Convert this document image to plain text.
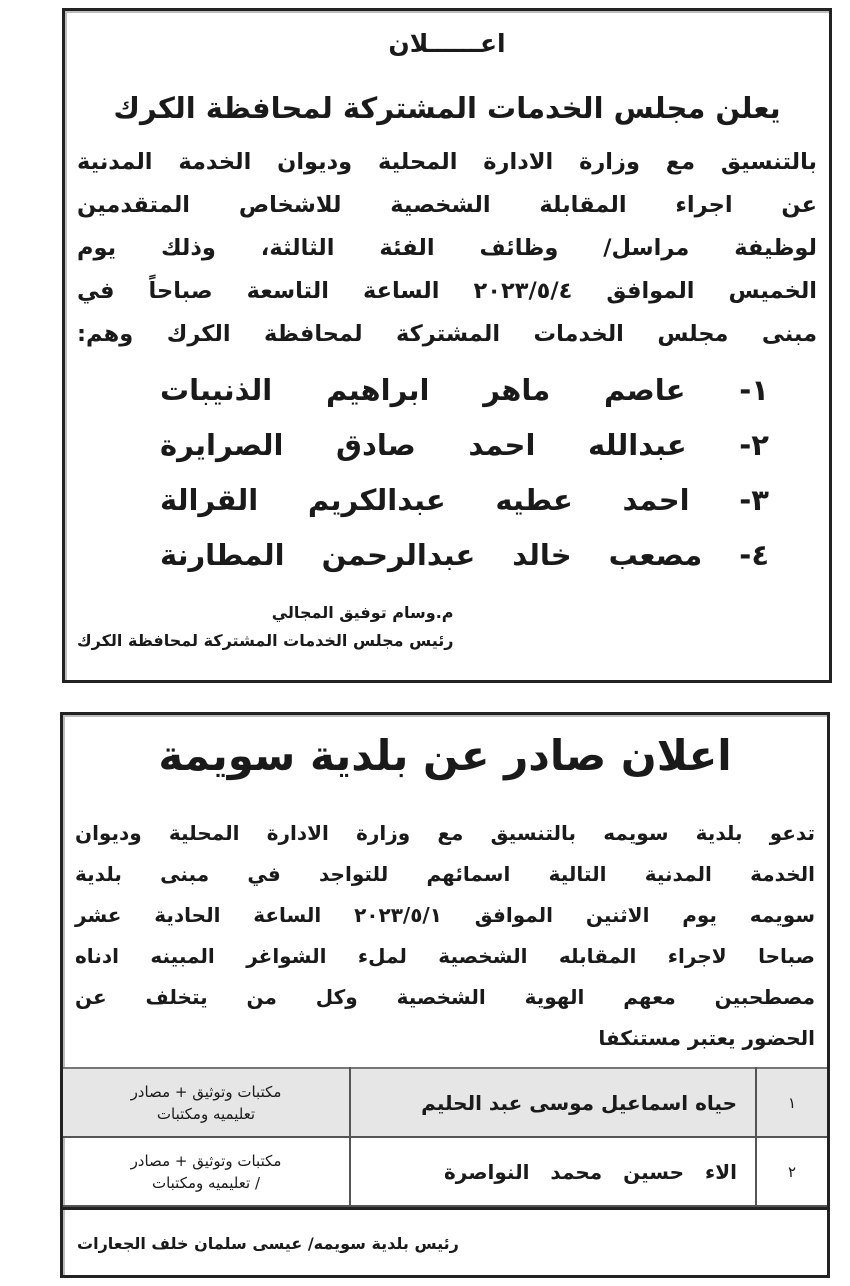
اعــــــلان
يعلن مجلس الخدمات المشتركة لمحافظة الكرك
بالتنسيق مع وزارة الادارة المحلية وديوان الخدمة المدنية
عن اجراء المقابلة الشخصية للاشخاص المتقدمين
لوظيفة مراسل/ وظائف الفئة الثالثة، وذلك يوم
الخميس الموافق ٢٠٢٣/٥/٤ الساعة التاسعة صباحاً في
مبنى مجلس الخدمات المشتركة لمحافظة الكرك وهم:
١- عاصم ماهر ابراهيم الذنيبات
٢- عبدالله احمد صادق الصرايرة
٣- احمد عطيه عبدالكريم القرالة
٤- مصعب خالد عبدالرحمن المطارنة
م.وسام توفيق المجالي
رئيس مجلس الخدمات المشتركة لمحافظة الكرك
اعلان صادر عن بلدية سويمة
تدعو بلدية سويمه بالتنسيق مع وزارة الادارة المحلية وديوان
الخدمة المدنية التالية اسمائهم للتواجد في مبنى بلدية
سويمه يوم الاثنين الموافق ٢٠٢٣/٥/١ الساعة الحادية عشر
صباحا لاجراء المقابله الشخصية لملء الشواغر المبينه ادناه
مصطحبين معهم الهوية الشخصية وكل من يتخلف عن
الحضور يعتبر مستنكفا
١	حياه اسماعيل موسى عبد الحليم	مكتبات وتوثيق + مصادر
تعليميه ومكتبات

٢	الاء حسين محمد النواصرة	مكتبات وتوثيق + مصادر
/ تعليميه ومكتبات
رئيس بلدية سويمه/ عيسى سلمان خلف الجعارات
